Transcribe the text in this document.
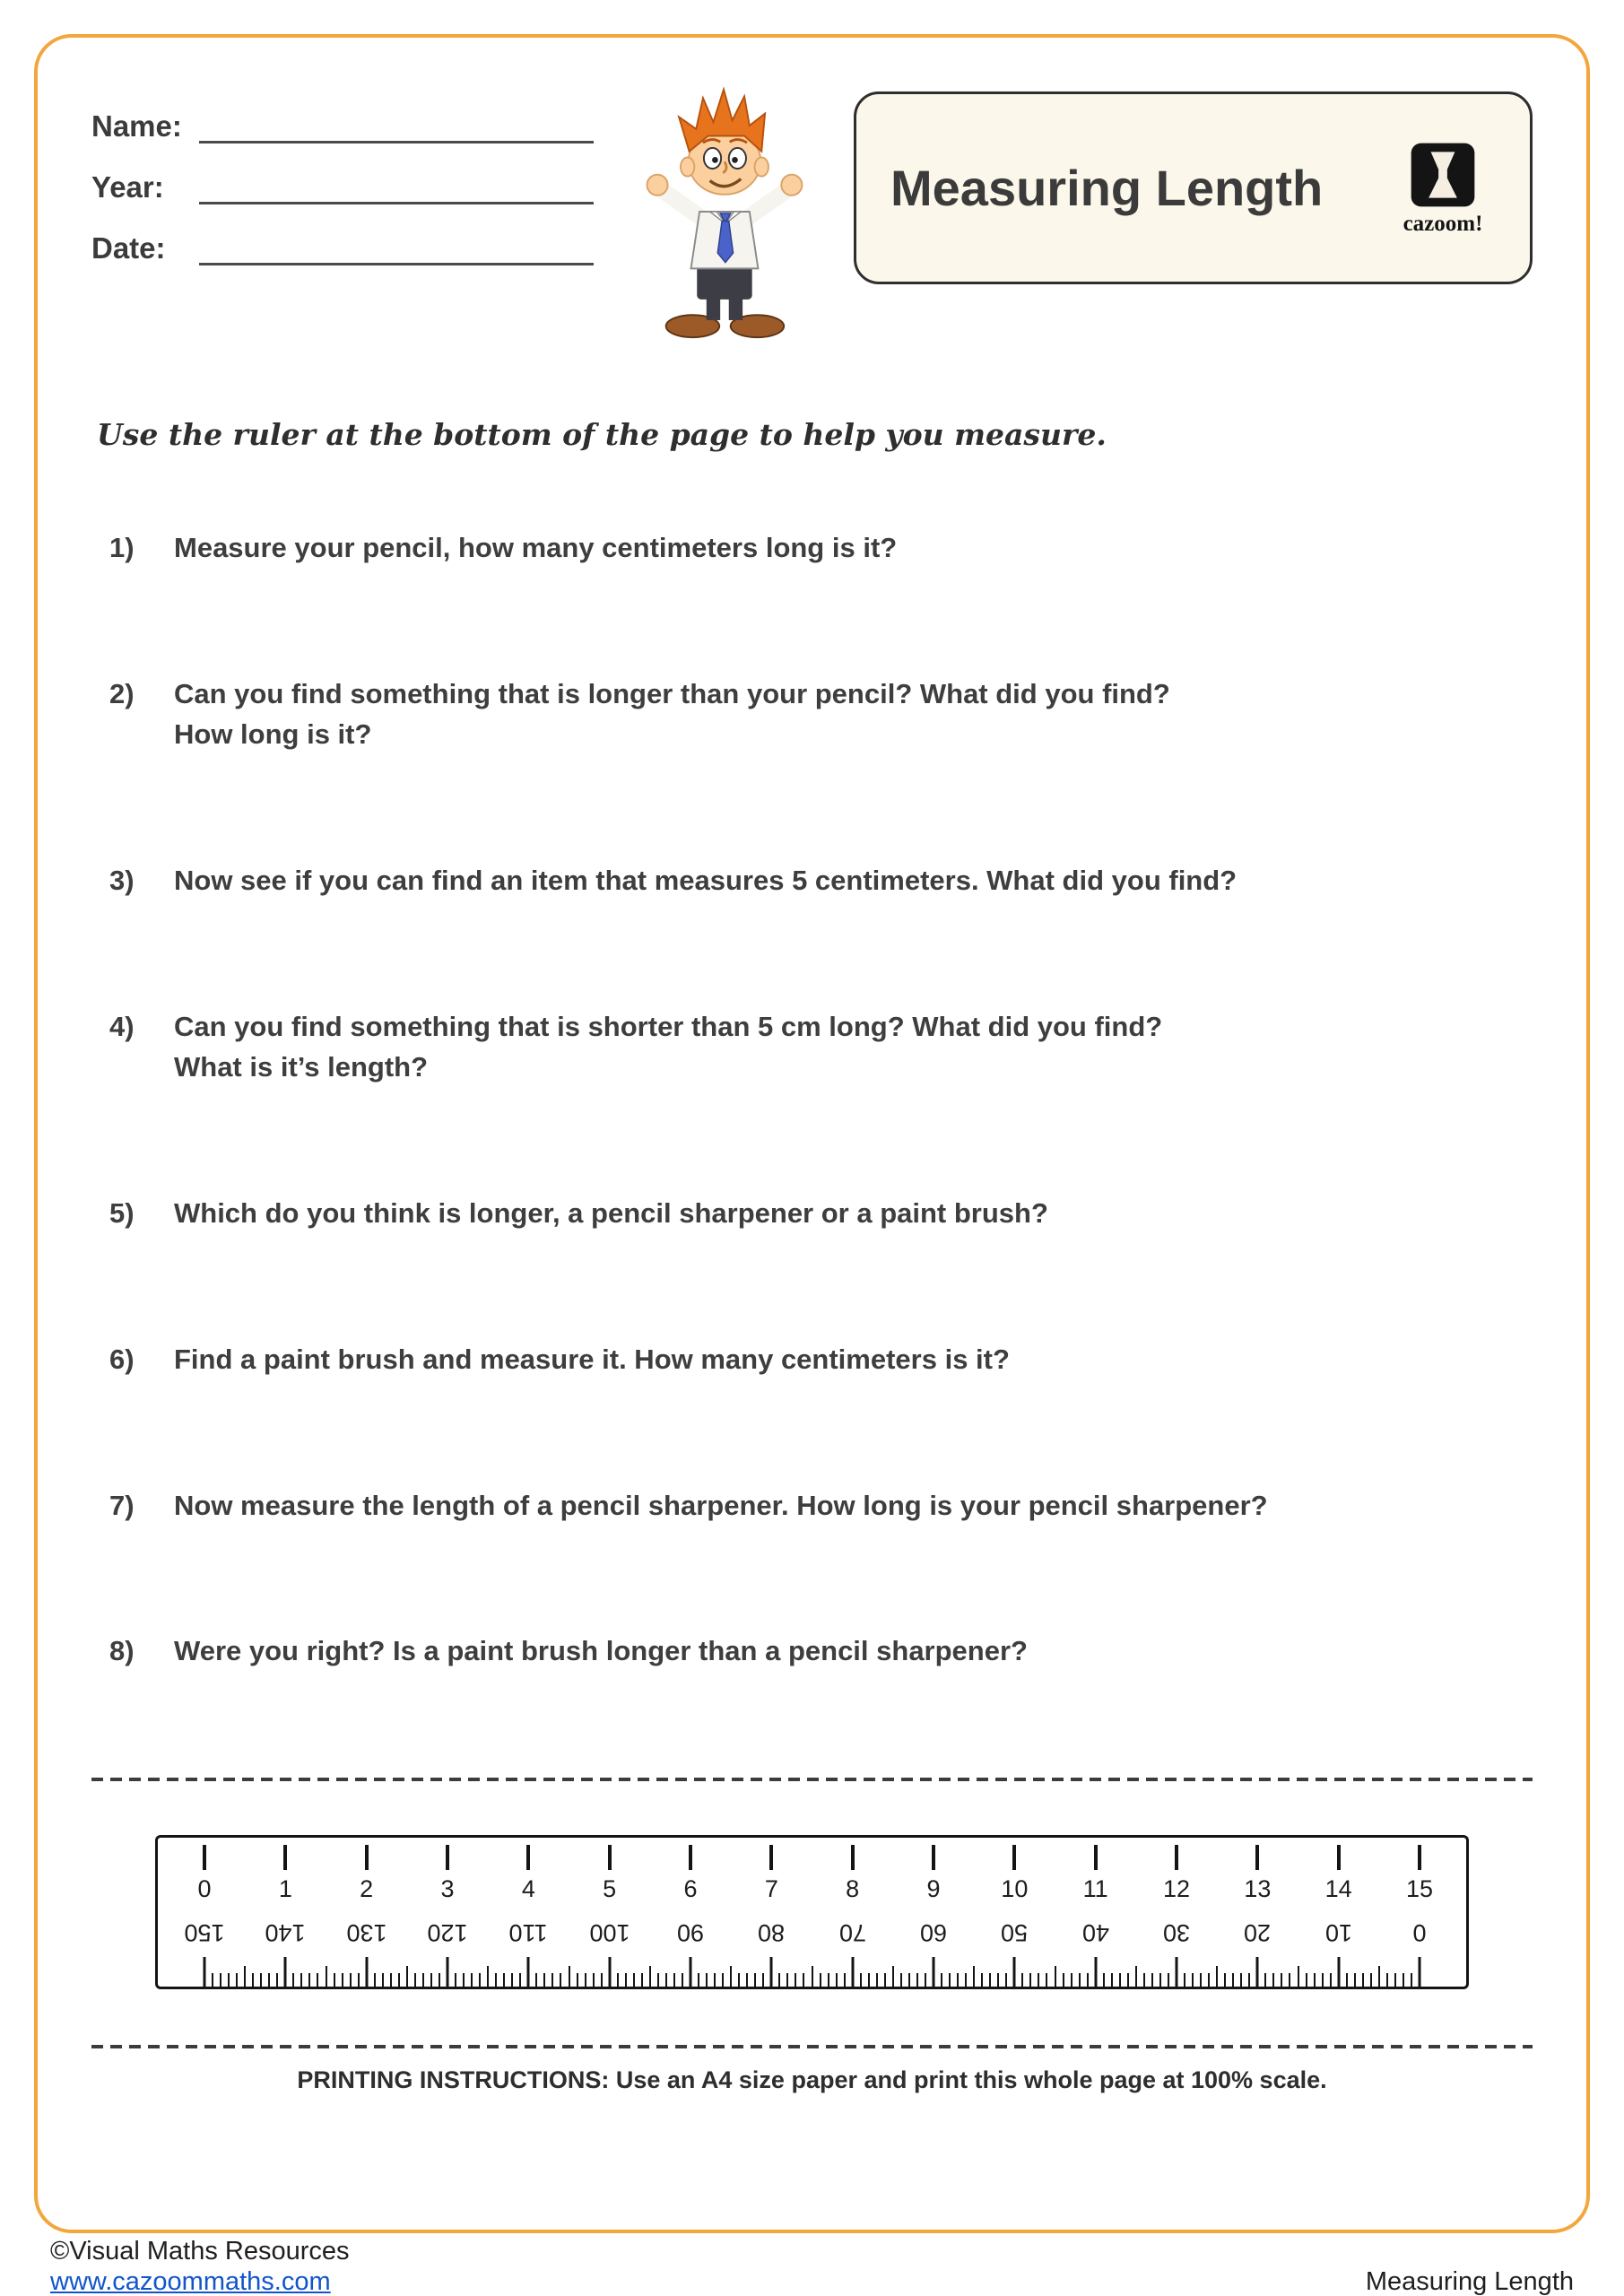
Name:
Year:
Date:
Measuring Length
cazoom!
Use the ruler at the bottom of the page to help you measure.
1)	Measure your pencil, how many centimeters long is it?
2)	Can you find something that is longer than your pencil? What did you find?
How long is it?
3)	Now see if you can find an item that measures 5 centimeters. What did you find?
4)	Can you find something that is shorter than 5 cm long? What did you find?
What is it’s length?
5)	Which do you think is longer, a pencil sharpener or a paint brush?
6)	Find a paint brush and measure it. How many centimeters is it?
7)	Now measure the length of a pencil sharpener. How long is your pencil sharpener?
8)	Were you right? Is a paint brush longer than a pencil sharpener?
0	1	2	3	4	5	6	7	8	9	10 11 12 13 14 15
150 140 130 120 110 100 90 80 70 60 50 40 30 20 10	0
PRINTING INSTRUCTIONS: Use an A4 size paper and print this whole page at 100% scale.
©Visual Maths Resources
www.cazoommaths.com	Measuring Length
